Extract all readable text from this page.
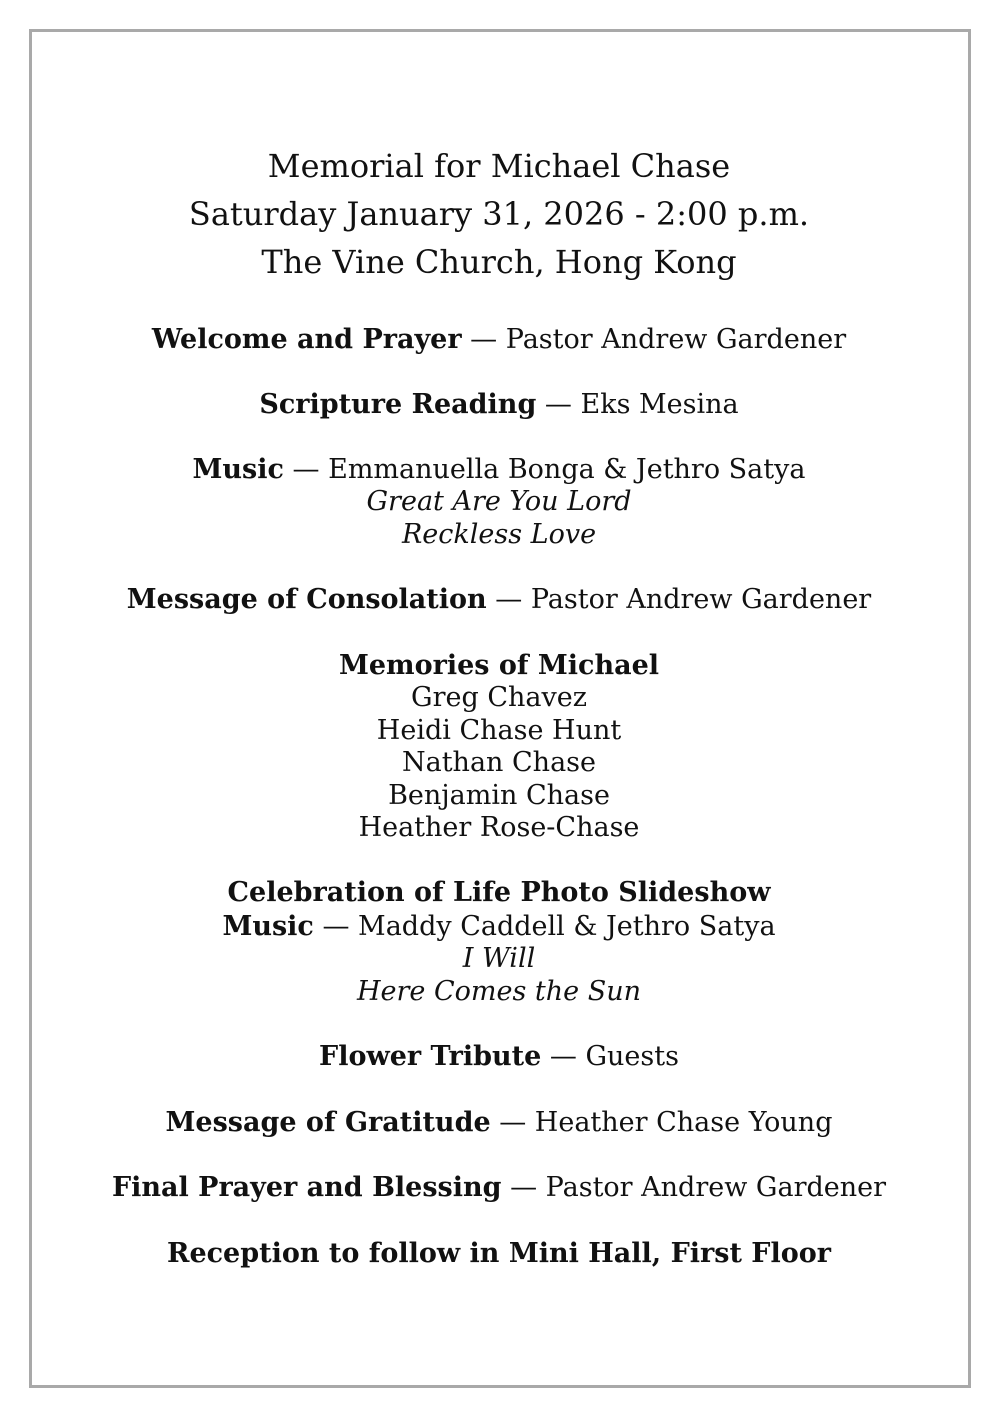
Memorial for Michael Chase
Saturday January 31, 2026 - 2:00 p.m.
The Vine Church, Hong Kong
Welcome and Prayer — Pastor Andrew Gardener
Scripture Reading — Eks Mesina
Music — Emmanuella Bonga & Jethro Satya
Great Are You Lord
Reckless Love
Message of Consolation — Pastor Andrew Gardener
Memories of Michael
Greg Chavez
Heidi Chase Hunt
Nathan Chase
Benjamin Chase
Heather Rose-Chase
Celebration of Life Photo Slideshow
Music — Maddy Caddell & Jethro Satya
I Will
Here Comes the Sun
Flower Tribute — Guests
Message of Gratitude — Heather Chase Young
Final Prayer and Blessing — Pastor Andrew Gardener
Reception to follow in Mini Hall, First Floor
